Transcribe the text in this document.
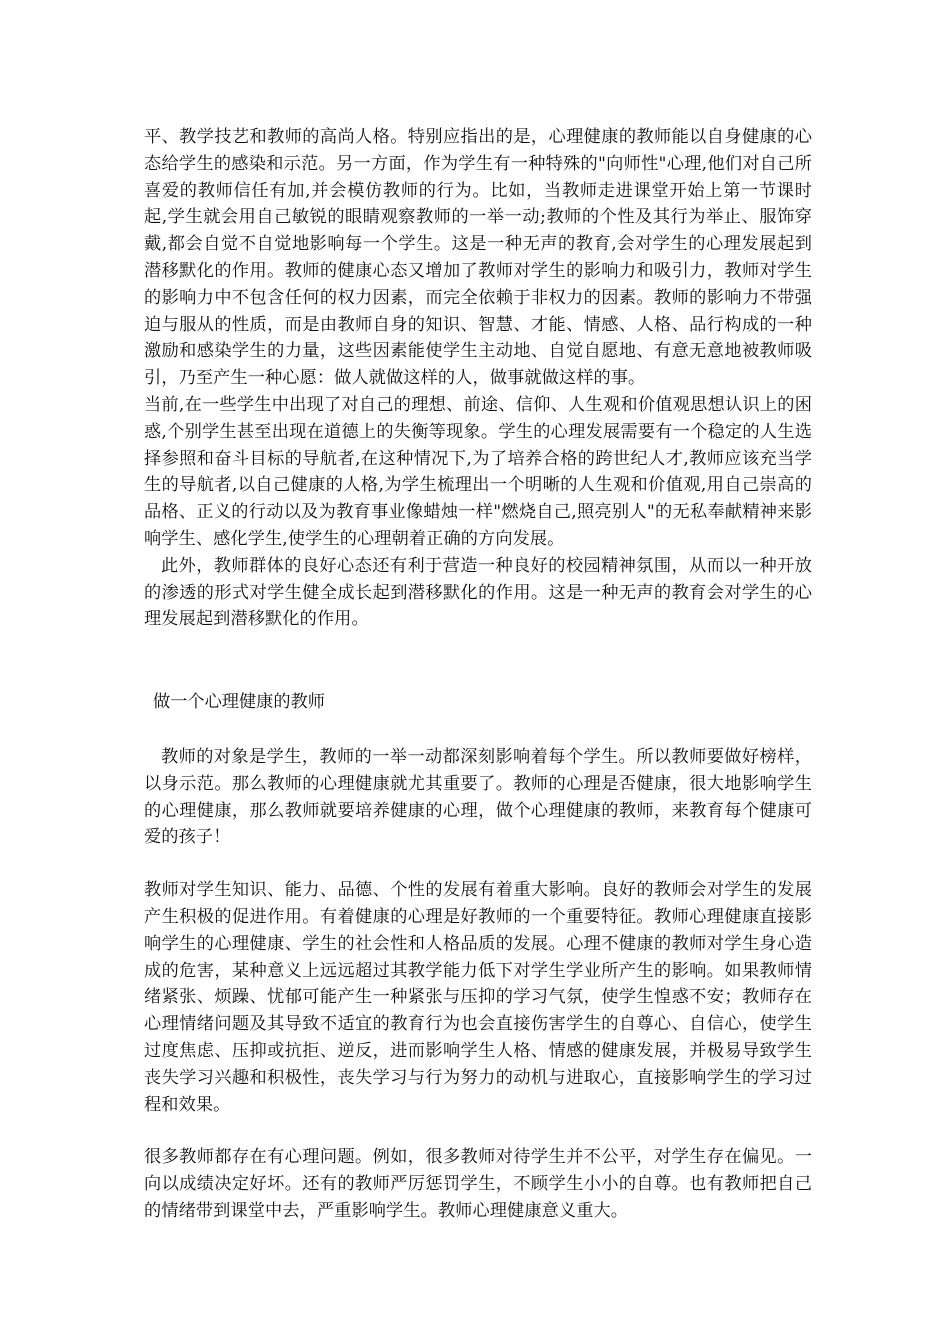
平、教学技艺和教师的高尚人格。特别应指出的是，心理健康的教师能以自身健康的心态给学生的感染和示范。另一方面，作为学生有一种特殊的"向师性"心理,他们对自己所喜爱的教师信任有加,并会模仿教师的行为。比如，当教师走进课堂开始上第一节课时起,学生就会用自己敏锐的眼睛观察教师的一举一动;教师的个性及其行为举止、服饰穿戴,都会自觉不自觉地影响每一个学生。这是一种无声的教育,会对学生的心理发展起到潜移默化的作用。教师的健康心态又增加了教师对学生的影响力和吸引力，教师对学生的影响力中不包含任何的权力因素，而完全依赖于非权力的因素。教师的影响力不带强迫与服从的性质，而是由教师自身的知识、智慧、才能、情感、人格、品行构成的一种激励和感染学生的力量，这些因素能使学生主动地、自觉自愿地、有意无意地被教师吸引，乃至产生一种心愿：做人就做这样的人，做事就做这样的事。

当前,在一些学生中出现了对自己的理想、前途、信仰、人生观和价值观思想认识上的困惑,个别学生甚至出现在道德上的失衡等现象。学生的心理发展需要有一个稳定的人生选择参照和奋斗目标的导航者,在这种情况下,为了培养合格的跨世纪人才,教师应该充当学生的导航者,以自己健康的人格,为学生梳理出一个明晰的人生观和价值观,用自己崇高的品格、正义的行动以及为教育事业像蜡烛一样"燃烧自己,照亮别人"的无私奉献精神来影响学生、感化学生,使学生的心理朝着正确的方向发展。

此外，教师群体的良好心态还有利于营造一种良好的校园精神氛围，从而以一种开放的渗透的形式对学生健全成长起到潜移默化的作用。这是一种无声的教育会对学生的心理发展起到潜移默化的作用。

做一个心理健康的教师

教师的对象是学生，教师的一举一动都深刻影响着每个学生。所以教师要做好榜样，以身示范。那么教师的心理健康就尤其重要了。教师的心理是否健康，很大地影响学生的心理健康，那么教师就要培养健康的心理，做个心理健康的教师，来教育每个健康可爱的孩子！

教师对学生知识、能力、品德、个性的发展有着重大影响。良好的教师会对学生的发展产生积极的促进作用。有着健康的心理是好教师的一个重要特征。教师心理健康直接影响学生的心理健康、学生的社会性和人格品质的发展。心理不健康的教师对学生身心造成的危害，某种意义上远远超过其教学能力低下对学生学业所产生的影响。如果教师情绪紧张、烦躁、忧郁可能产生一种紧张与压抑的学习气氛，使学生惶惑不安；教师存在心理情绪问题及其导致不适宜的教育行为也会直接伤害学生的自尊心、自信心，使学生过度焦虑、压抑或抗拒、逆反，进而影响学生人格、情感的健康发展，并极易导致学生丧失学习兴趣和积极性，丧失学习与行为努力的动机与进取心，直接影响学生的学习过程和效果。

很多教师都存在有心理问题。例如，很多教师对待学生并不公平，对学生存在偏见。一向以成绩决定好坏。还有的教师严厉惩罚学生，不顾学生小小的自尊。也有教师把自己的情绪带到课堂中去，严重影响学生。教师心理健康意义重大。
